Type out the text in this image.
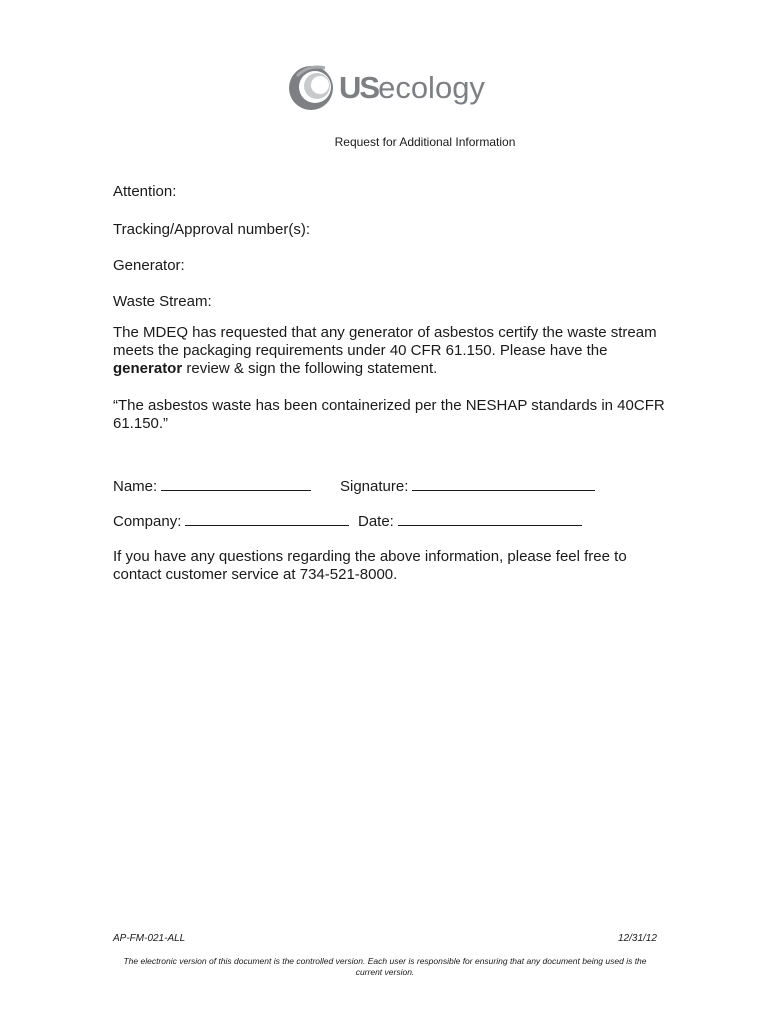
USecology
Request for Additional Information
Attention:
Tracking/Approval number(s):
Generator:
Waste Stream:
The MDEQ has requested that any generator of asbestos certify the waste stream meets the packaging requirements under 40 CFR 61.150. Please have the generator review & sign the following statement.
“The asbestos waste has been containerized per the NESHAP standards in 40CFR 61.150.”
Name:	Signature:
Company:	Date:
If you have any questions regarding the above information, please feel free to contact customer service at 734-521-8000.
AP-FM-021-ALL	12/31/12
The electronic version of this document is the controlled version. Each user is responsible for ensuring that any document being used is the current version.
